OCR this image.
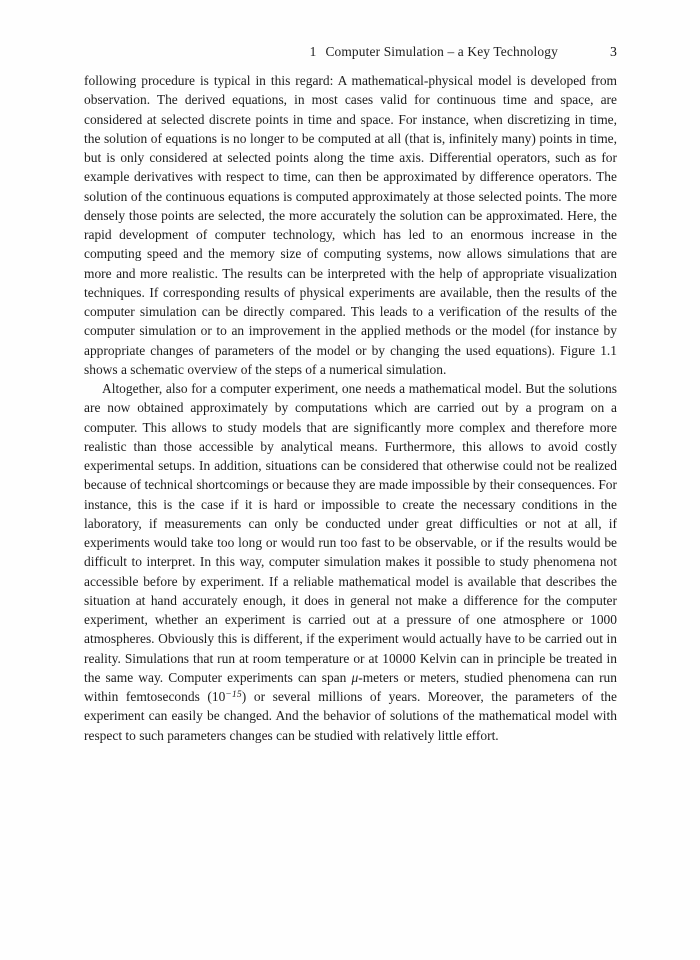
1 Computer Simulation – a Key Technology	3

following procedure is typical in this regard: A mathematical-physical model is developed from observation. The derived equations, in most cases valid for continuous time and space, are considered at selected discrete points in time and space. For instance, when discretizing in time, the solution of equations is no longer to be computed at all (that is, infinitely many) points in time, but is only considered at selected points along the time axis. Differential operators, such as for example derivatives with respect to time, can then be approximated by difference operators. The solution of the continuous equations is computed approximately at those selected points. The more densely those points are selected, the more accurately the solution can be approximated. Here, the rapid development of computer technology, which has led to an enormous increase in the computing speed and the memory size of computing systems, now allows simulations that are more and more realistic. The results can be interpreted with the help of appropriate visualization techniques. If corresponding results of physical experiments are available, then the results of the computer simulation can be directly compared. This leads to a verification of the results of the computer simulation or to an improvement in the applied methods or the model (for instance by appropriate changes of parameters of the model or by changing the used equations). Figure 1.1 shows a schematic overview of the steps of a numerical simulation.

Altogether, also for a computer experiment, one needs a mathematical model. But the solutions are now obtained approximately by computations which are carried out by a program on a computer. This allows to study models that are significantly more complex and therefore more realistic than those accessible by analytical means. Furthermore, this allows to avoid costly experimental setups. In addition, situations can be considered that otherwise could not be realized because of technical shortcomings or because they are made impossible by their consequences. For instance, this is the case if it is hard or impossible to create the necessary conditions in the laboratory, if measurements can only be conducted under great difficulties or not at all, if experiments would take too long or would run too fast to be observable, or if the results would be difficult to interpret. In this way, computer simulation makes it possible to study phenomena not accessible before by experiment. If a reliable mathematical model is available that describes the situation at hand accurately enough, it does in general not make a difference for the computer experiment, whether an experiment is carried out at a pressure of one atmosphere or 1000 atmospheres. Obviously this is different, if the experiment would actually have to be carried out in reality. Simulations that run at room temperature or at 10000 Kelvin can in principle be treated in the same way. Computer experiments can span μ-meters or meters, studied phenomena can run within femtoseconds $(10^{-15})$ or several millions of years. Moreover, the parameters of the experiment can easily be changed. And the behavior of solutions of the mathematical model with respect to such parameters changes can be studied with relatively little effort.
